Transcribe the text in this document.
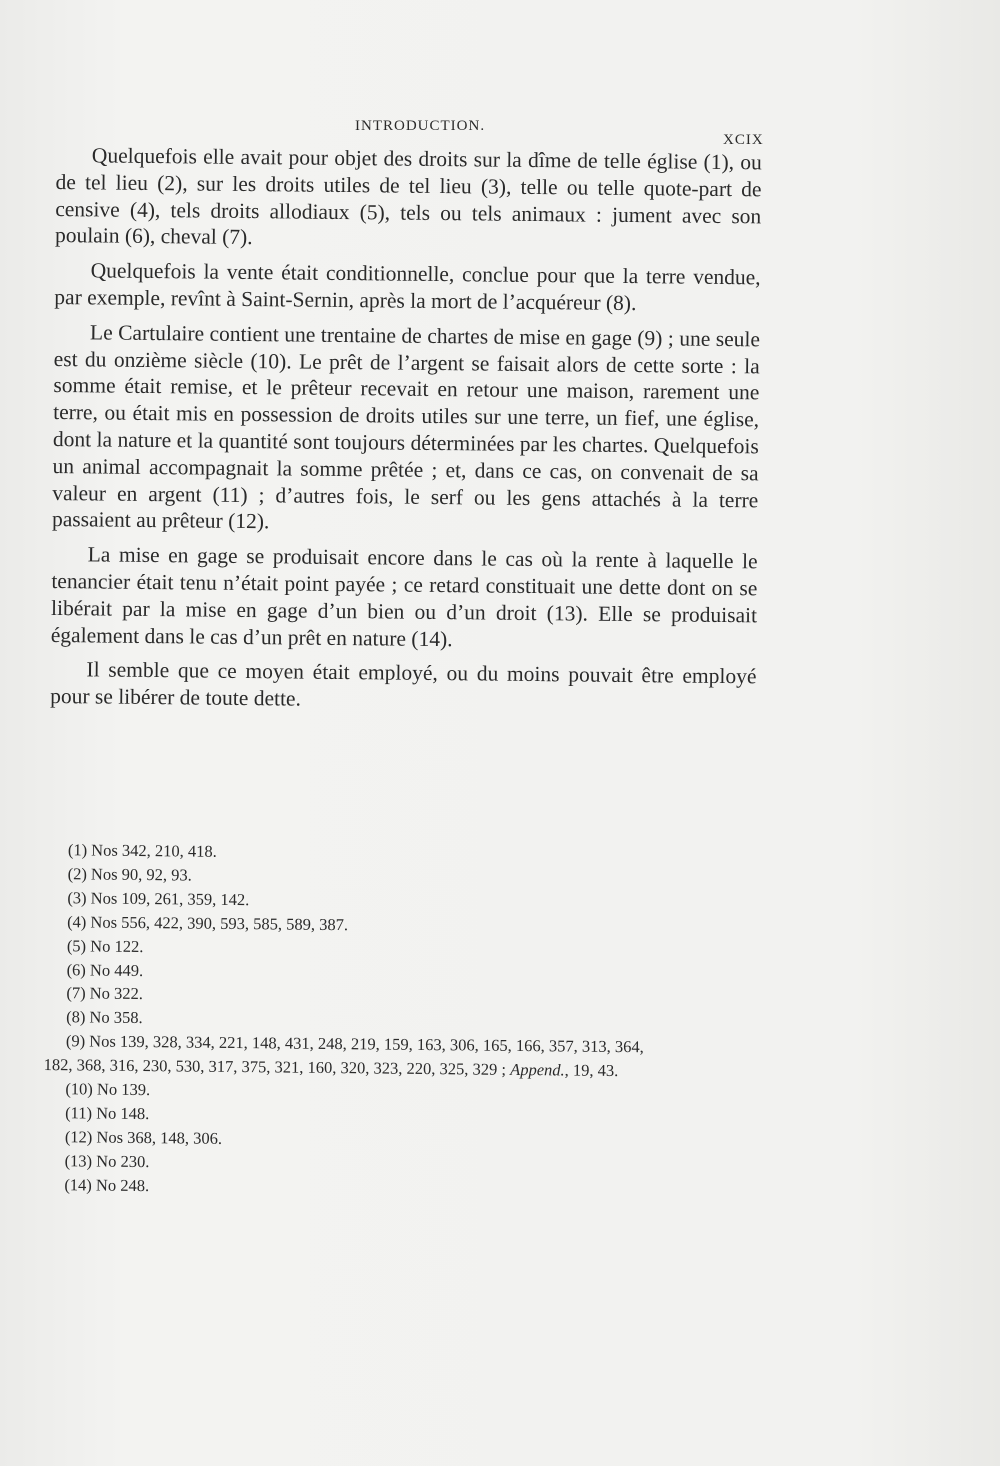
INTRODUCTION.
XCIX

Quelquefois elle avait pour objet des droits sur la dîme de telle église (1), ou de tel lieu (2), sur les droits utiles de tel lieu (3), telle ou telle quote-part de censive (4), tels droits allodiaux (5), tels ou tels animaux : jument avec son poulain (6), cheval (7).

Quelquefois la vente était conditionnelle, conclue pour que la terre vendue, par exemple, revînt à Saint-Sernin, après la mort de l’acquéreur (8).

Le Cartulaire contient une trentaine de chartes de mise en gage (9) ; une seule est du onzième siècle (10). Le prêt de l’argent se faisait alors de cette sorte : la somme était remise, et le prêteur recevait en retour une maison, rarement une terre, ou était mis en possession de droits utiles sur une terre, un fief, une église, dont la nature et la quantité sont toujours déterminées par les chartes. Quelquefois un animal accompagnait la somme prêtée ; et, dans ce cas, on convenait de sa valeur en argent (11) ; d’autres fois, le serf ou les gens attachés à la terre passaient au prêteur (12).

La mise en gage se produisait encore dans le cas où la rente à laquelle le tenancier était tenu n’était point payée ; ce retard constituait une dette dont on se libérait par la mise en gage d’un bien ou d’un droit (13). Elle se produisait également dans le cas d’un prêt en nature (14).

Il semble que ce moyen était employé, ou du moins pouvait être employé pour se libérer de toute dette.

(1) Nos 342, 210, 418.
(2) Nos 90, 92, 93.
(3) Nos 109, 261, 359, 142.
(4) Nos 556, 422, 390, 593, 585, 589, 387.
(5) No 122.
(6) No 449.
(7) No 322.
(8) No 358.
(9) Nos 139, 328, 334, 221, 148, 431, 248, 219, 159, 163, 306, 165, 166, 357, 313, 364,
182, 368, 316, 230, 530, 317, 375, 321, 160, 320, 323, 220, 325, 329 ; Append., 19, 43.
(10) No 139.
(11) No 148.
(12) Nos 368, 148, 306.
(13) No 230.
(14) No 248.
